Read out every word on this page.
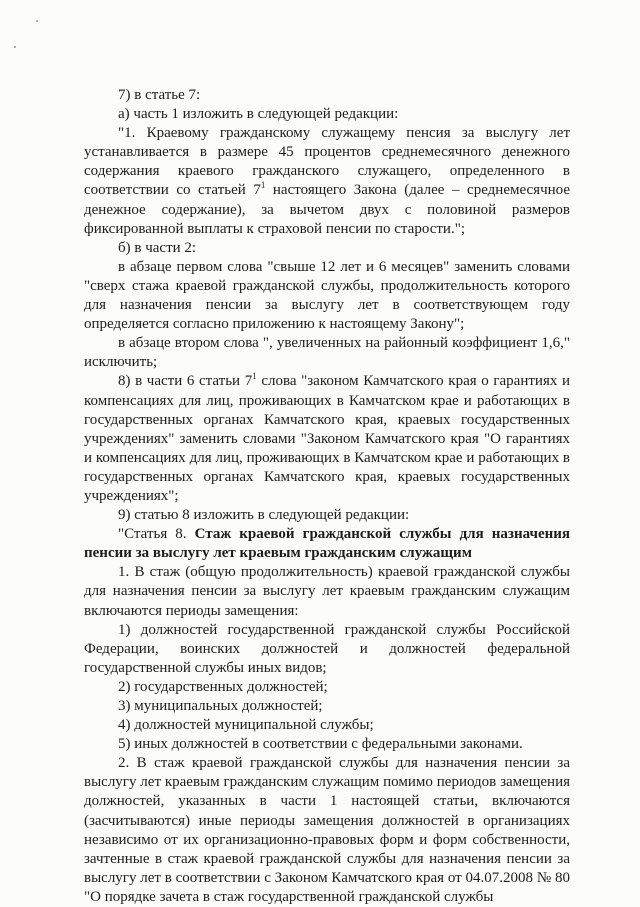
7) в статье 7:

а) часть 1 изложить в следующей редакции:

"1. Краевому гражданскому служащему пенсия за выслугу лет устанавливается в размере 45 процентов среднемесячного денежного содержания краевого гражданского служащего, определенного в соответствии со статьей $7^1$ настоящего Закона (далее – среднемесячное денежное содержание), за вычетом двух с половиной размеров фиксированной выплаты к страховой пенсии по старости.";

б) в части 2:

в абзаце первом слова "свыше 12 лет и 6 месяцев" заменить словами "сверх стажа краевой гражданской службы, продолжительность которого для назначения пенсии за выслугу лет в соответствующем году определяется согласно приложению к настоящему Закону";

в абзаце втором слова ", увеличенных на районный коэффициент 1,6," исключить;

8) в части 6 статьи $7^1$ слова "законом Камчатского края о гарантиях и компенсациях для лиц, проживающих в Камчатском крае и работающих в государственных органах Камчатского края, краевых государственных учреждениях" заменить словами "Законом Камчатского края "О гарантиях и компенсациях для лиц, проживающих в Камчатском крае и работающих в государственных органах Камчатского края, краевых государственных учреждениях";

9) статью 8 изложить в следующей редакции:

"Статья 8. Стаж краевой гражданской службы для назначения пенсии за выслугу лет краевым гражданским служащим

1. В стаж (общую продолжительность) краевой гражданской службы для назначения пенсии за выслугу лет краевым гражданским служащим включаются периоды замещения:

1) должностей государственной гражданской службы Российской Федерации, воинских должностей и должностей федеральной государственной службы иных видов;

2) государственных должностей;

3) муниципальных должностей;

4) должностей муниципальной службы;

5) иных должностей в соответствии с федеральными законами.

2. В стаж краевой гражданской службы для назначения пенсии за выслугу лет краевым гражданским служащим помимо периодов замещения должностей, указанных в части 1 настоящей статьи, включаются (засчитываются) иные периоды замещения должностей в организациях независимо от их организационно-правовых форм и форм собственности, зачтенные в стаж краевой гражданской службы для назначения пенсии за выслугу лет в соответствии с Законом Камчатского края от 04.07.2008 № 80 "О порядке зачета в стаж государственной гражданской службы
